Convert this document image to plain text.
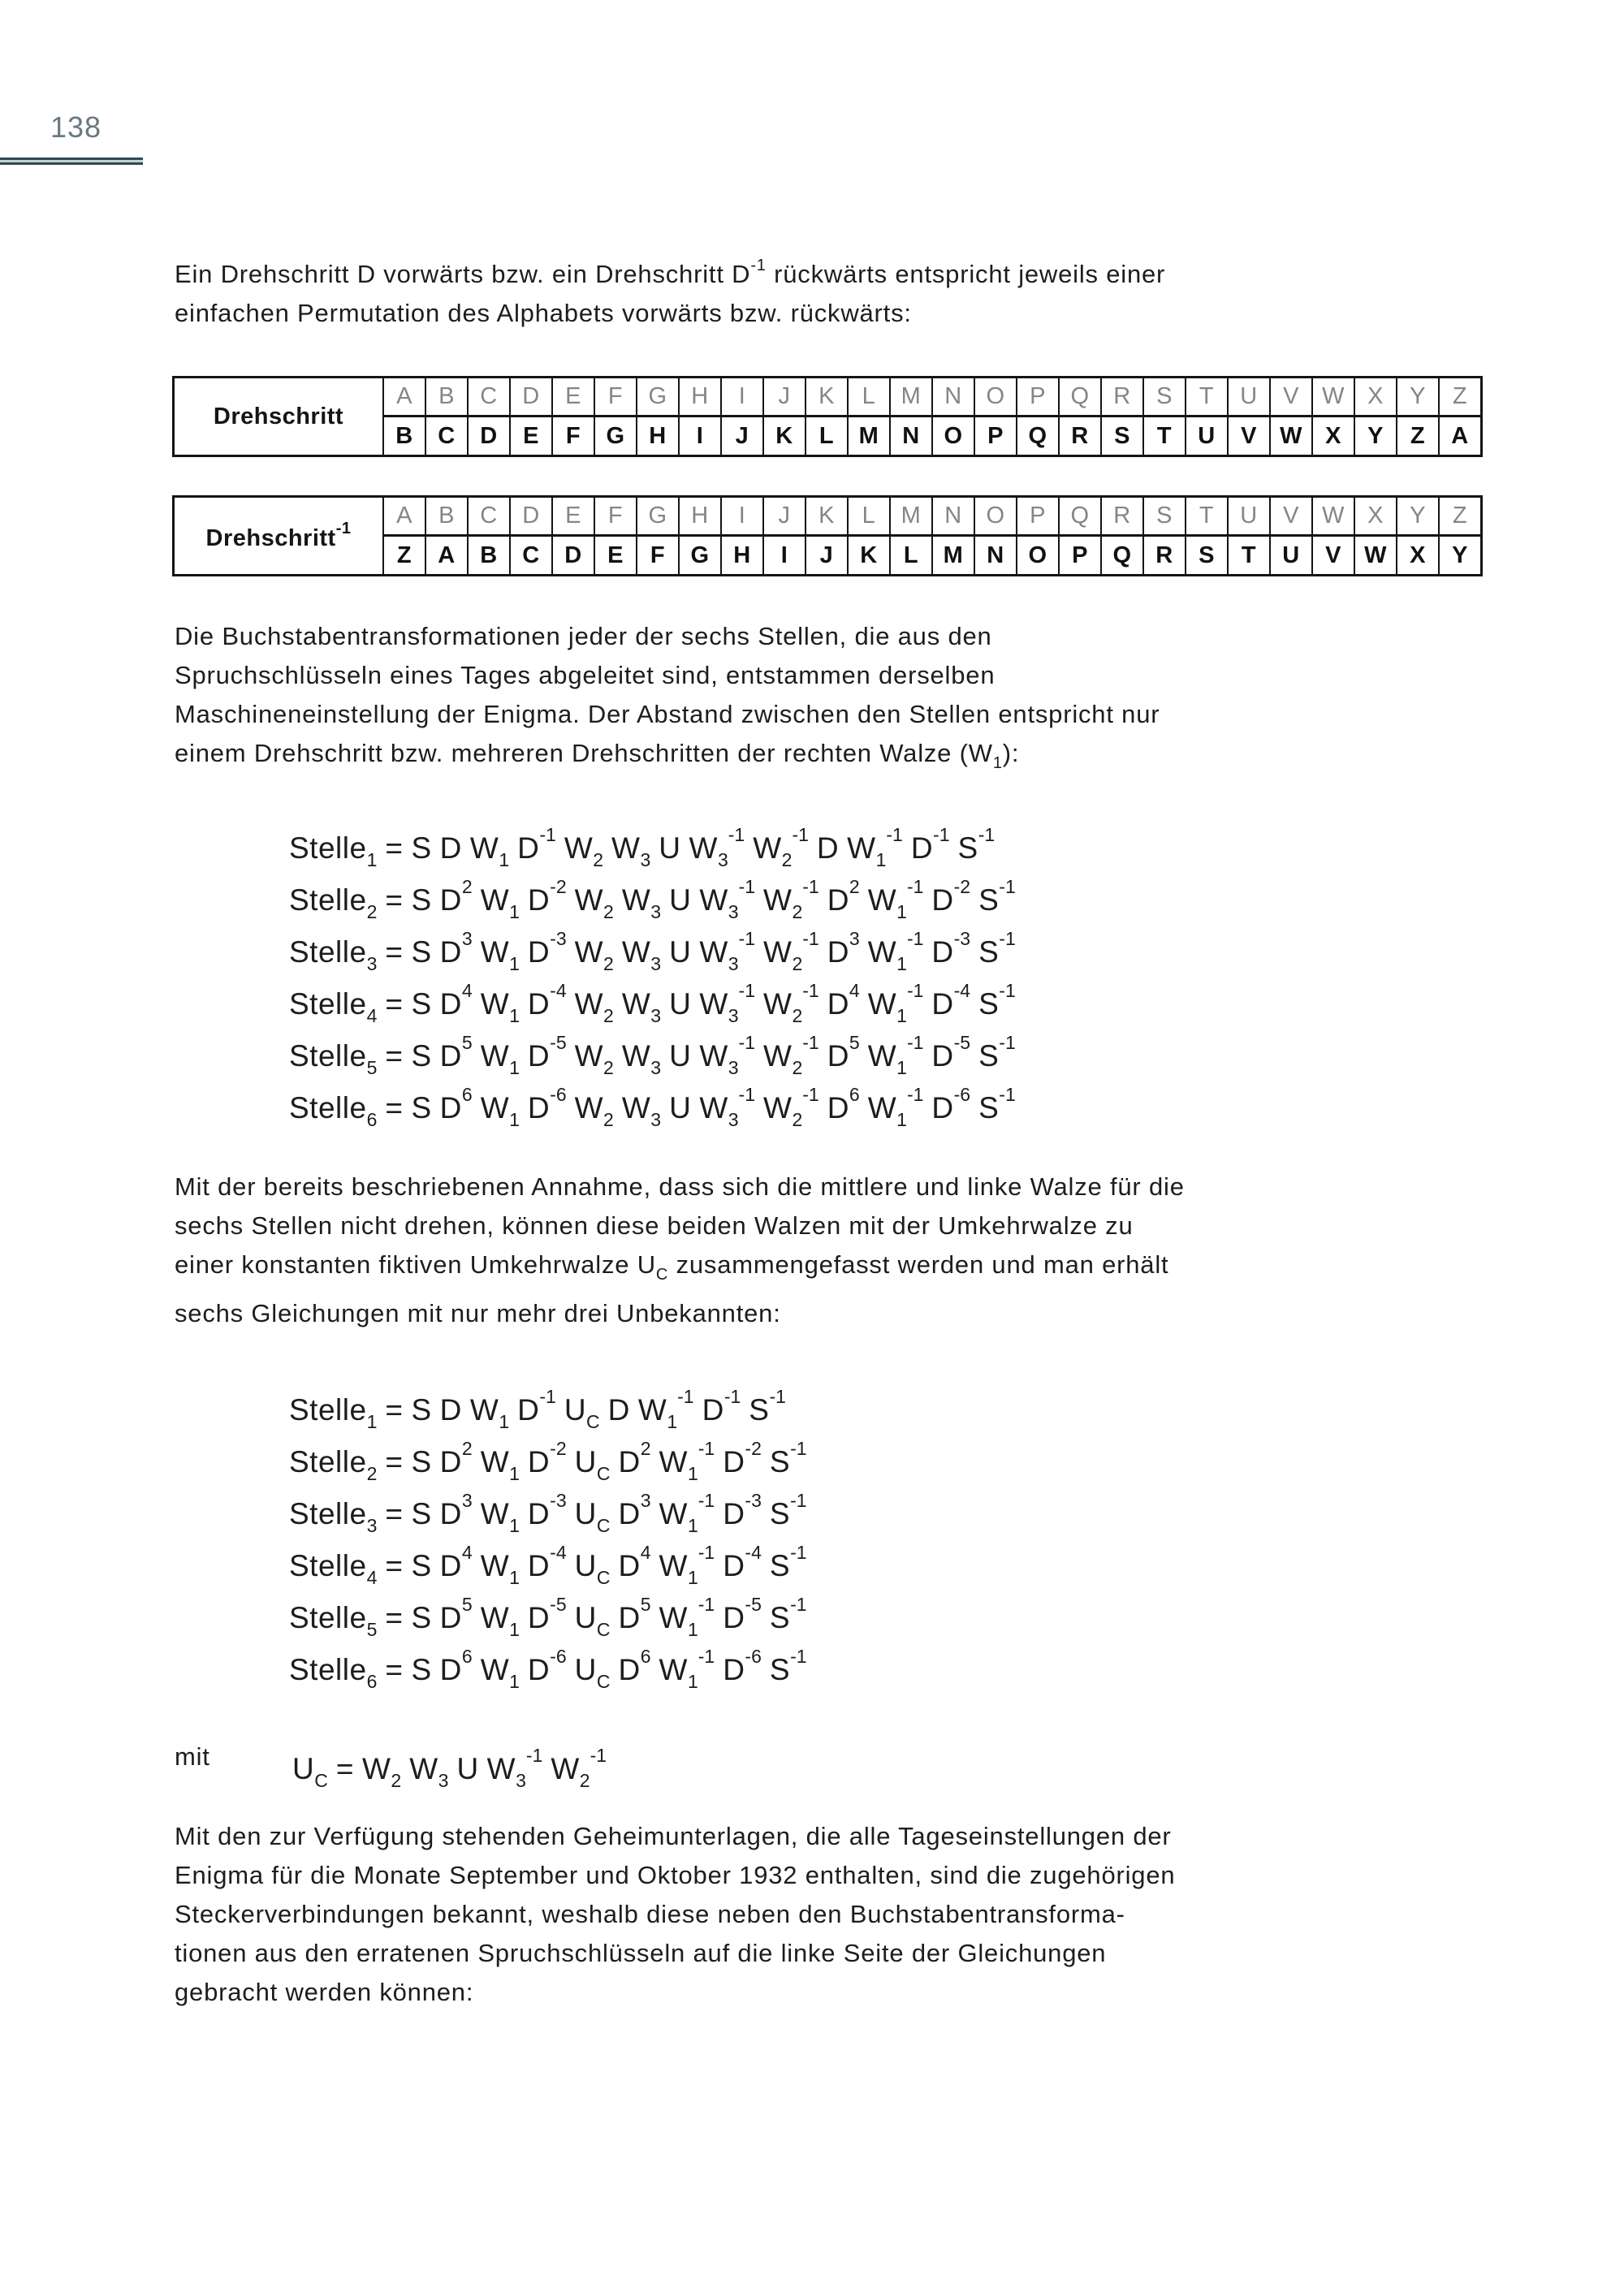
138
Ein Drehschritt D vorwärts bzw. ein Drehschritt $D^{-1}$ rückwärts entspricht jeweils einer
einfachen Permutation des Alphabets vorwärts bzw. rückwärts:
Drehschritt	A	B	C	D	E	F	G	H	I	J	K	L	M	N	O	P	Q	R	S	T	U	V	W	X	Y	Z
	B	C	D	E	F	G	H	I	J	K	L	M	N	O	P	Q	R	S	T	U	V	W	X	Y	Z	A
Drehschritt$^{-1}$	A	B	C	D	E	F	G	H	I	J	K	L	M	N	O	P	Q	R	S	T	U	V	W	X	Y	Z
	Z	A	B	C	D	E	F	G	H	I	J	K	L	M	N	O	P	Q	R	S	T	U	V	W	X	Y
Die Buchstabentransformationen jeder der sechs Stellen, die aus den
Spruchschlüsseln eines Tages abgeleitet sind, entstammen derselben
Maschineneinstellung der Enigma. Der Abstand zwischen den Stellen entspricht nur
einem Drehschritt bzw. mehreren Drehschritten der rechten Walze $(W_1)$:
Stelle1 = S D W1 D-1 W2 W3 U W3-1 W2-1 D W1-1 D-1 S-1
Stelle2 = S D2 W1 D-2 W2 W3 U W3-1 W2-1 D2 W1-1 D-2 S-1
Stelle3 = S D3 W1 D-3 W2 W3 U W3-1 W2-1 D3 W1-1 D-3 S-1
Stelle4 = S D4 W1 D-4 W2 W3 U W3-1 W2-1 D4 W1-1 D-4 S-1
Stelle5 = S D5 W1 D-5 W2 W3 U W3-1 W2-1 D5 W1-1 D-5 S-1
Stelle6 = S D6 W1 D-6 W2 W3 U W3-1 W2-1 D6 W1-1 D-6 S-1
Mit der bereits beschriebenen Annahme, dass sich die mittlere und linke Walze für die
sechs Stellen nicht drehen, können diese beiden Walzen mit der Umkehrwalze zu
einer konstanten fiktiven Umkehrwalze $U_C$ zusammengefasst werden und man erhält
sechs Gleichungen mit nur mehr drei Unbekannten:
Stelle1 = S D W1 D-1 UC D W1-1 D-1 S-1
Stelle2 = S D2 W1 D-2 UC D2 W1-1 D-2 S-1
Stelle3 = S D3 W1 D-3 UC D3 W1-1 D-3 S-1
Stelle4 = S D4 W1 D-4 UC D4 W1-1 D-4 S-1
Stelle5 = S D5 W1 D-5 UC D5 W1-1 D-5 S-1
Stelle6 = S D6 W1 D-6 UC D6 W1-1 D-6 S-1
mit	UC = W2 W3 U W3-1 W2-1
Mit den zur Verfügung stehenden Geheimunterlagen, die alle Tageseinstellungen der
Enigma für die Monate September und Oktober 1932 enthalten, sind die zugehörigen
Steckerverbindungen bekannt, weshalb diese neben den Buchstabentransforma-
tionen aus den erratenen Spruchschlüsseln auf die linke Seite der Gleichungen
gebracht werden können:
